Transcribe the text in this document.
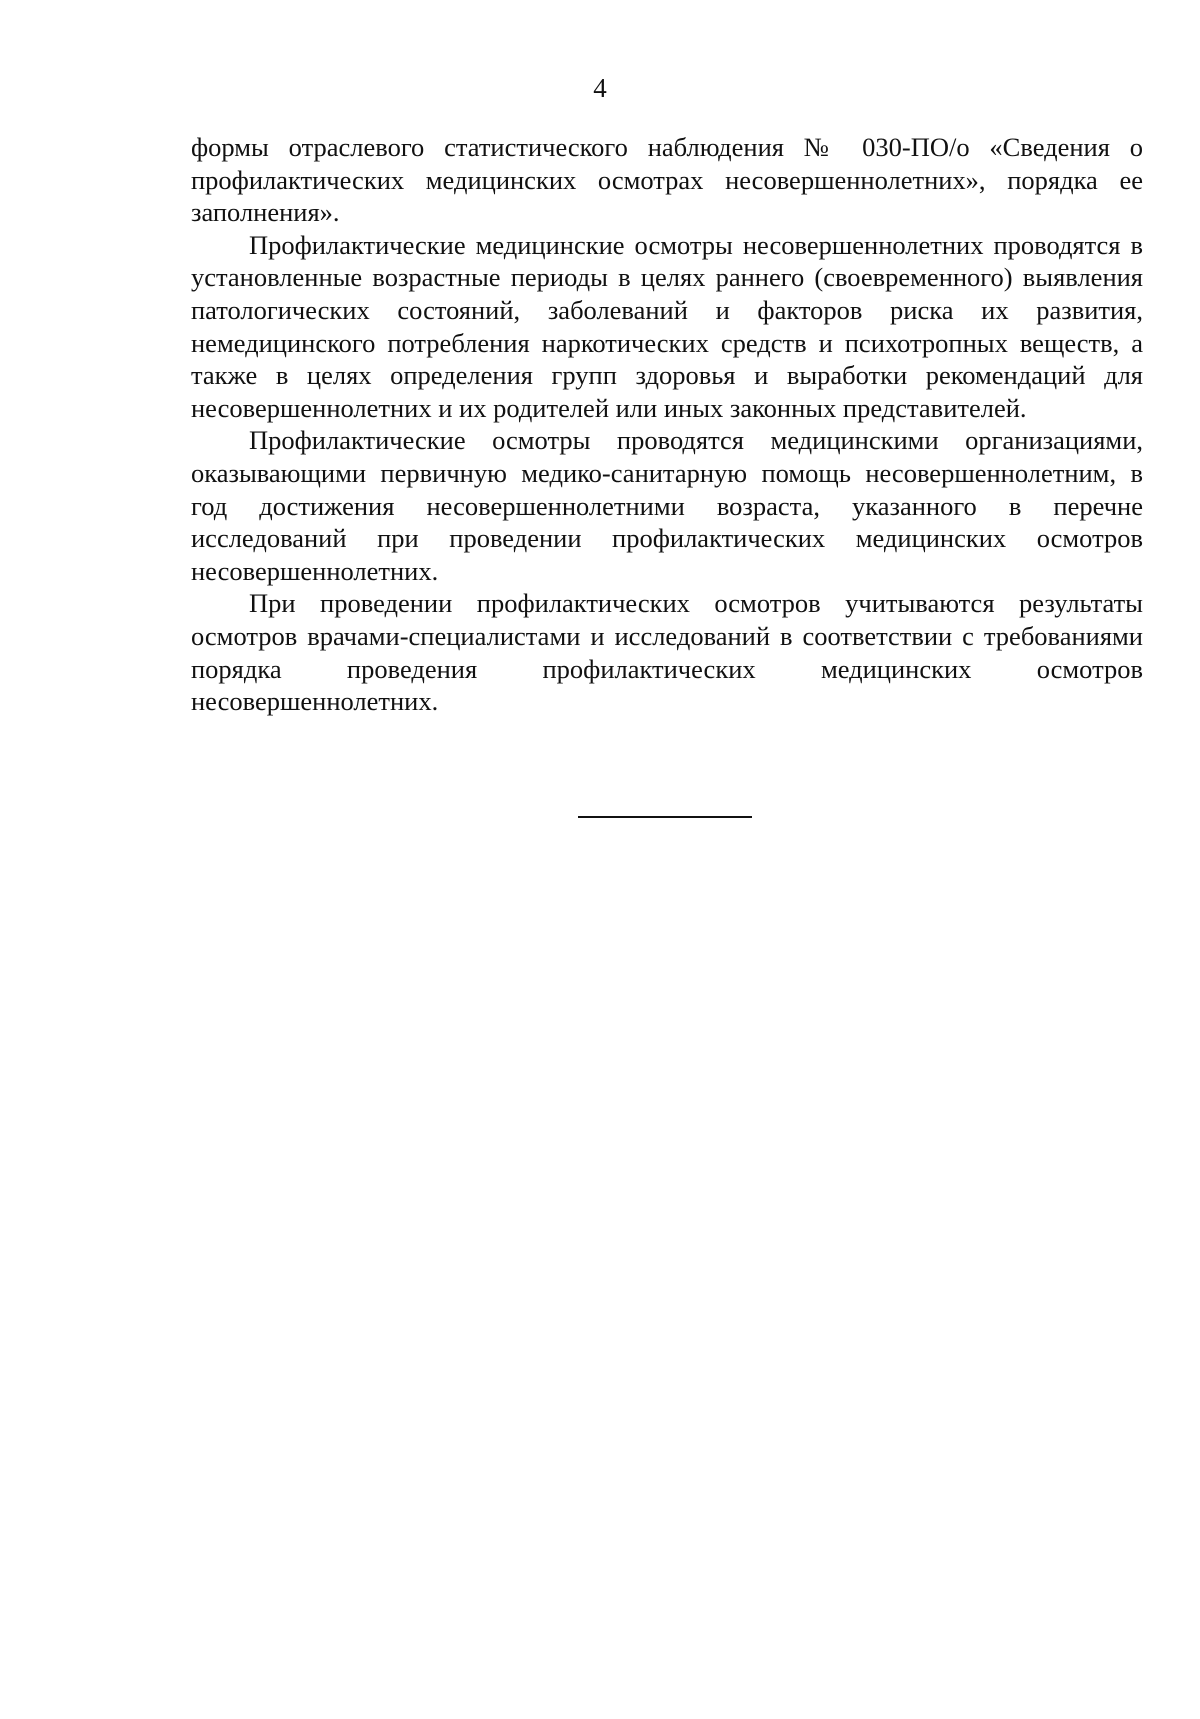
4

формы отраслевого статистического наблюдения № 030-ПО/о «Сведения о профилактических медицинских осмотрах несовершеннолетних», порядка ее заполнения».

Профилактические медицинские осмотры несовершеннолетних проводятся в установленные возрастные периоды в целях раннего (своевременного) выявления патологических состояний, заболеваний и факторов риска их развития, немедицинского потребления наркотических средств и психотропных веществ, а также в целях определения групп здоровья и выработки рекомендаций для несовершеннолетних и их родителей или иных законных представителей.

Профилактические осмотры проводятся медицинскими организациями, оказывающими первичную медико-санитарную помощь несовершеннолетним, в год достижения несовершеннолетними возраста, указанного в перечне исследований при проведении профилактических медицинских осмотров несовершеннолетних.

При проведении профилактических осмотров учитываются результаты осмотров врачами-специалистами и исследований в соответствии с требованиями порядка проведения профилактических медицинских осмотров несовершеннолетних.
